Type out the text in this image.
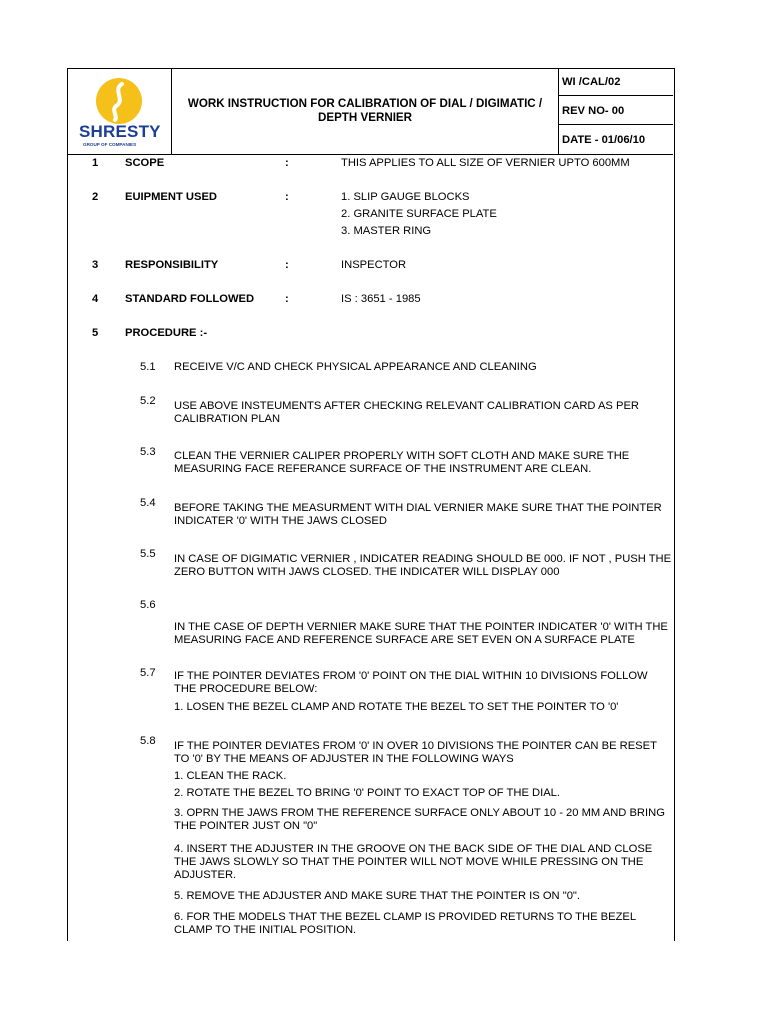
SHRESTY
GROUP OF COMPANIES
WORK INSTRUCTION FOR CALIBRATION OF DIAL / DIGIMATIC / DEPTH VERNIER
WI /CAL/02
REV NO- 00
DATE - 01/06/10
1 SCOPE	:	THIS APPLIES TO ALL SIZE OF VERNIER UPTO 600MM
2 EUIPMENT USED	:	1. SLIP GAUGE BLOCKS
2. GRANITE SURFACE PLATE
3. MASTER RING
3 RESPONSIBILITY	:	INSPECTOR
4 STANDARD FOLLOWED	:	IS : 3651 - 1985
5 PROCEDURE :-
5.1 RECEIVE V/C AND CHECK PHYSICAL APPEARANCE AND CLEANING
5.2 USE ABOVE INSTEUMENTS AFTER CHECKING RELEVANT CALIBRATION CARD AS PER CALIBRATION PLAN
5.3 CLEAN THE VERNIER CALIPER PROPERLY WITH SOFT CLOTH AND MAKE SURE THE MEASURING FACE REFERANCE SURFACE OF THE INSTRUMENT ARE CLEAN.
5.4 BEFORE TAKING THE MEASURMENT WITH DIAL VERNIER MAKE SURE THAT THE POINTER INDICATER '0' WITH THE JAWS CLOSED
5.5 IN CASE OF DIGIMATIC VERNIER , INDICATER READING SHOULD BE 000. IF NOT , PUSH THE ZERO BUTTON WITH JAWS CLOSED. THE INDICATER WILL DISPLAY 000
5.6
IN THE CASE OF DEPTH VERNIER MAKE SURE THAT THE POINTER INDICATER '0' WITH THE MEASURING FACE AND REFERENCE SURFACE ARE SET EVEN ON A SURFACE PLATE
5.7 IF THE POINTER DEVIATES FROM '0' POINT ON THE DIAL WITHIN 10 DIVISIONS FOLLOW THE PROCEDURE BELOW:
1. LOSEN THE BEZEL CLAMP AND ROTATE THE BEZEL TO SET THE POINTER TO '0'
5.8 IF THE POINTER DEVIATES FROM '0' IN OVER 10 DIVISIONS THE POINTER CAN BE RESET TO '0' BY THE MEANS OF ADJUSTER IN THE FOLLOWING WAYS
1. CLEAN THE RACK.
2. ROTATE THE BEZEL TO BRING '0' POINT TO EXACT TOP OF THE DIAL.
3. OPRN THE JAWS FROM THE REFERENCE SURFACE ONLY ABOUT 10 - 20 MM AND BRING THE POINTER JUST ON "0"
4. INSERT THE ADJUSTER IN THE GROOVE ON THE BACK SIDE OF THE DIAL AND CLOSE THE JAWS SLOWLY SO THAT THE POINTER WILL NOT MOVE WHILE PRESSING ON THE ADJUSTER.
5. REMOVE THE ADJUSTER AND MAKE SURE THAT THE POINTER IS ON "0".
6. FOR THE MODELS THAT THE BEZEL CLAMP IS PROVIDED RETURNS TO THE BEZEL CLAMP TO THE INITIAL POSITION.
